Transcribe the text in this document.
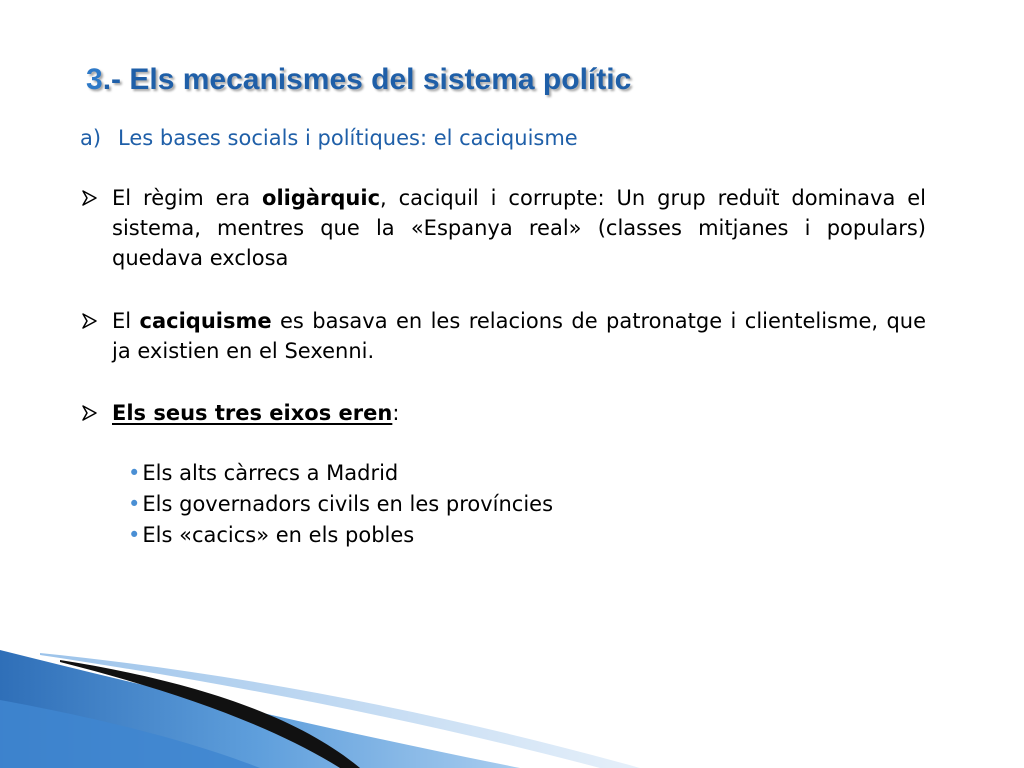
3.- Els mecanismes del sistema polític
a) Les bases socials i polítiques: el caciquisme
El règim era oligàrquic, caciquil i corrupte: Un grup reduït dominava el sistema, mentres que la «Espanya real» (classes mitjanes i populars) quedava exclosa
El caciquisme es basava en les relacions de patronatge i clientelisme, que ja existien en el Sexenni.
Els seus tres eixos eren:
•Els alts càrrecs a Madrid
•Els governadors civils en les províncies
•Els «cacics» en els pobles
